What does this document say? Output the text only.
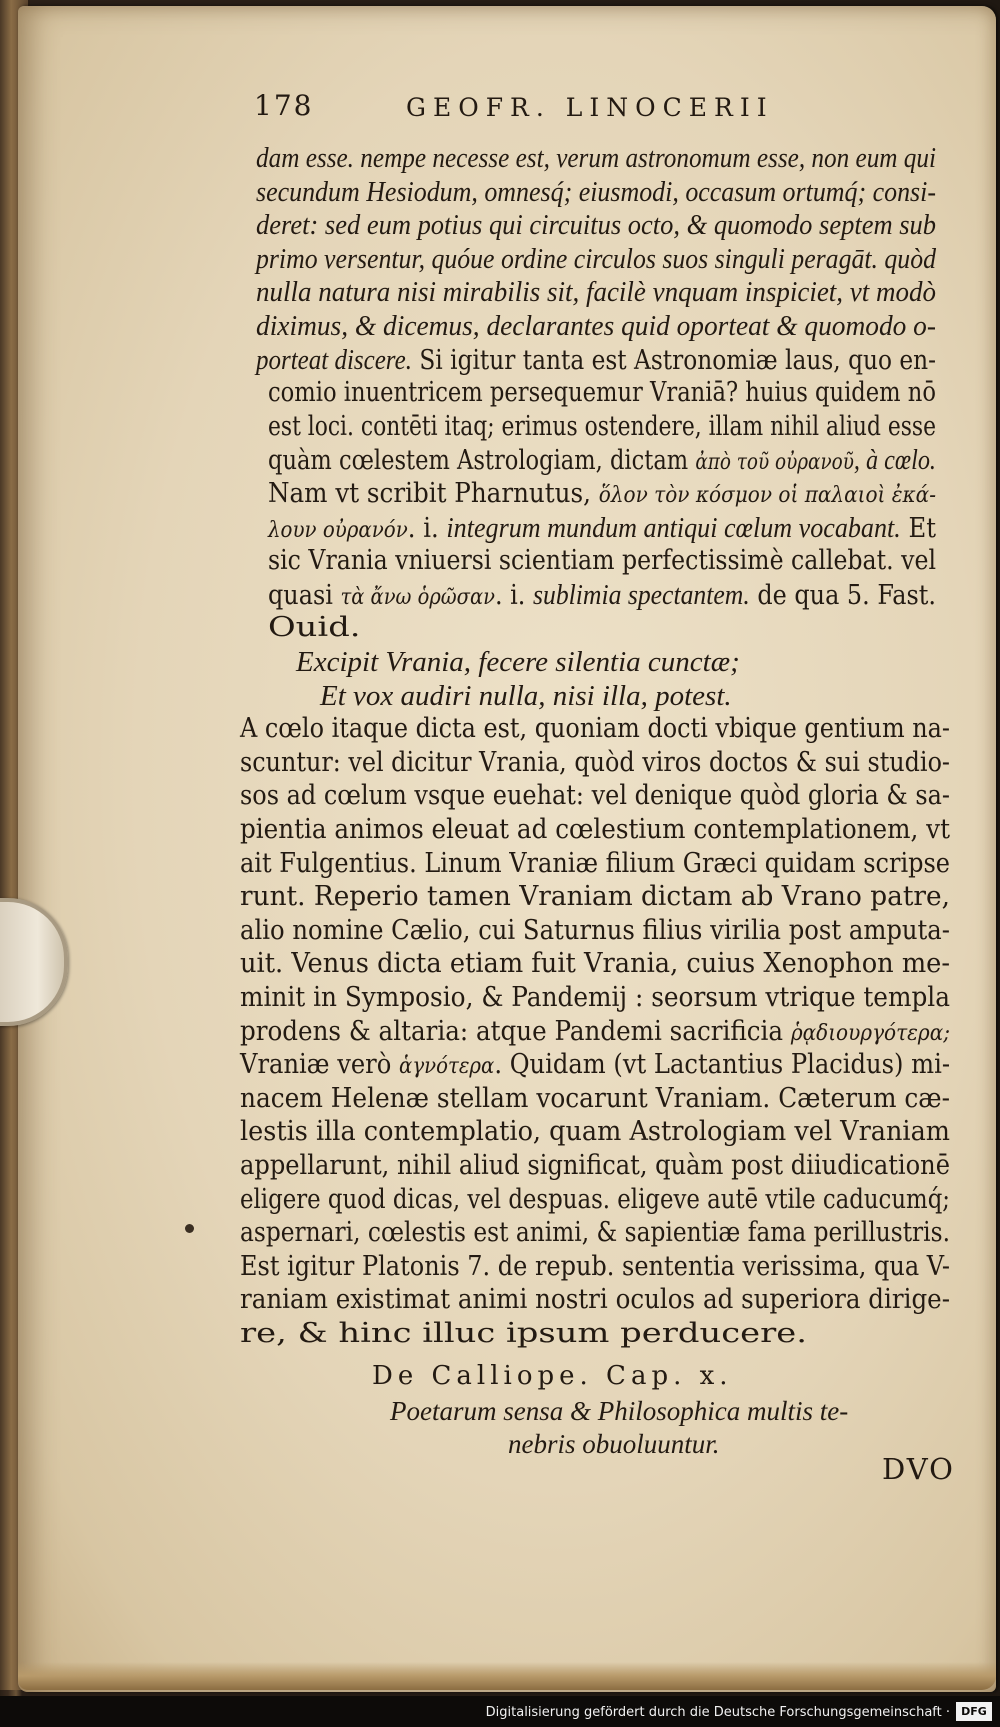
178	GEOFR. LINOCERII
dam esse. nempe necesse est, verum astronomum esse, non eum qui
secundum Hesiodum, omnesq́; eiusmodi, occasum ortumq́; consi-
deret: sed eum potius qui circuitus octo, & quomodo septem sub
primo versentur, quóue ordine circulos suos singuli peragāt. quòd
nulla natura nisi mirabilis sit, facilè vnquam inspiciet, vt modò
diximus, & dicemus, declarantes quid oporteat & quomodo o-
porteat discere. Si igitur tanta est Astronomiæ laus, quo en-
comio inuentricem persequemur Vraniā? huius quidem nō
est loci. contēti itaq; erimus ostendere, illam nihil aliud esse
quàm cœlestem Astrologiam, dictam ἀπὸ τοῦ οὐρανοῦ, à cœlo.
Nam vt scribit Pharnutus, ὅλον τὸν κόσμον οἱ παλαιοὶ ἐκά-
λουν οὐρανόν. i. integrum mundum antiqui cœlum vocabant. Et
sic Vrania vniuersi scientiam perfectissimè callebat. vel
quasi τὰ ἄνω ὁρῶσαν. i. sublimia spectantem. de qua 5. Fast.
Ouid.
Excipit Vrania, fecere silentia cunctæ;
Et vox audiri nulla, nisi illa, potest.
A cœlo itaque dicta est, quoniam docti vbique gentium na-
scuntur: vel dicitur Vrania, quòd viros doctos & sui studio-
sos ad cœlum vsque euehat: vel denique quòd gloria & sa-
pientia animos eleuat ad cœlestium contemplationem, vt
ait Fulgentius. Linum Vraniæ filium Græci quidam scripse
runt. Reperio tamen Vraniam dictam ab Vrano patre,
alio nomine Cælio, cui Saturnus filius virilia post amputa-
uit. Venus dicta etiam fuit Vrania, cuius Xenophon me-
minit in Symposio, & Pandemij : seorsum vtrique templa
prodens & altaria: atque Pandemi sacrificia ῥᾳδιουργότερα;
Vraniæ verò ἁγνότερα. Quidam (vt Lactantius Placidus) mi-
nacem Helenæ stellam vocarunt Vraniam. Cæterum cæ-
lestis illa contemplatio, quam Astrologiam vel Vraniam
appellarunt, nihil aliud significat, quàm post diiudicationē
eligere quod dicas, vel despuas. eligeve autē vtile caducumq́;
aspernari, cœlestis est animi, & sapientiæ fama perillustris.
Est igitur Platonis 7. de repub. sententia verissima, qua V-
raniam existimat animi nostri oculos ad superiora dirige-
re, & hinc illuc ipsum perducere.
De Calliope. Cap. x.
Poetarum sensa & Philosophica multis te-
nebris obuoluuntur.
DVO
Digitalisierung gefördert durch die Deutsche Forschungsgemeinschaft ·	DFG
